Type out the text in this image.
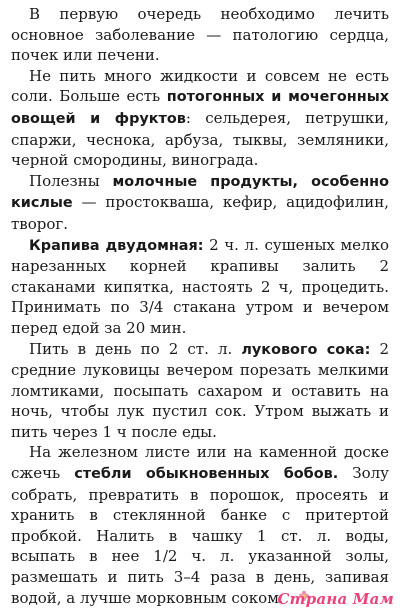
В первую очередь необходимо лечить основное заболевание — патологию сердца, почек или печени.

Не пить много жидкости и совсем не есть соли. Больше есть потогонных и мочегонных овощей и фруктов: сельдерея, петрушки, спаржи, чеснока, арбуза, тыквы, земляники, черной смородины, винограда.

Полезны молочные продукты, особенно кислые — простокваша, кефир, ацидофилин, творог.

Крапива двудомная: 2 ч. л. сушеных мелко нарезанных корней крапивы залить 2 стаканами кипятка, настоять 2 ч, процедить. Принимать по 3/4 стакана утром и вечером перед едой за 20 мин.

Пить в день по 2 ст. л. лукового сока: 2 средние луковицы вечером порезать мелкими ломтиками, посыпать сахаром и оставить на ночь, чтобы лук пустил сок. Утром выжать и пить через 1 ч после еды.

На железном листе или на каменной доске сжечь стебли обыкновенных бобов. Золу собрать, превратить в порошок, просеять и хранить в стеклянной банке с притертой пробкой. Налить в чашку 1 ст. л. воды, всыпать в нее 1/2 ч. л. указанной золы, размешать и пить 3–4 раза в день, запивая водой, а лучше морковным соком.

Страна Мам
